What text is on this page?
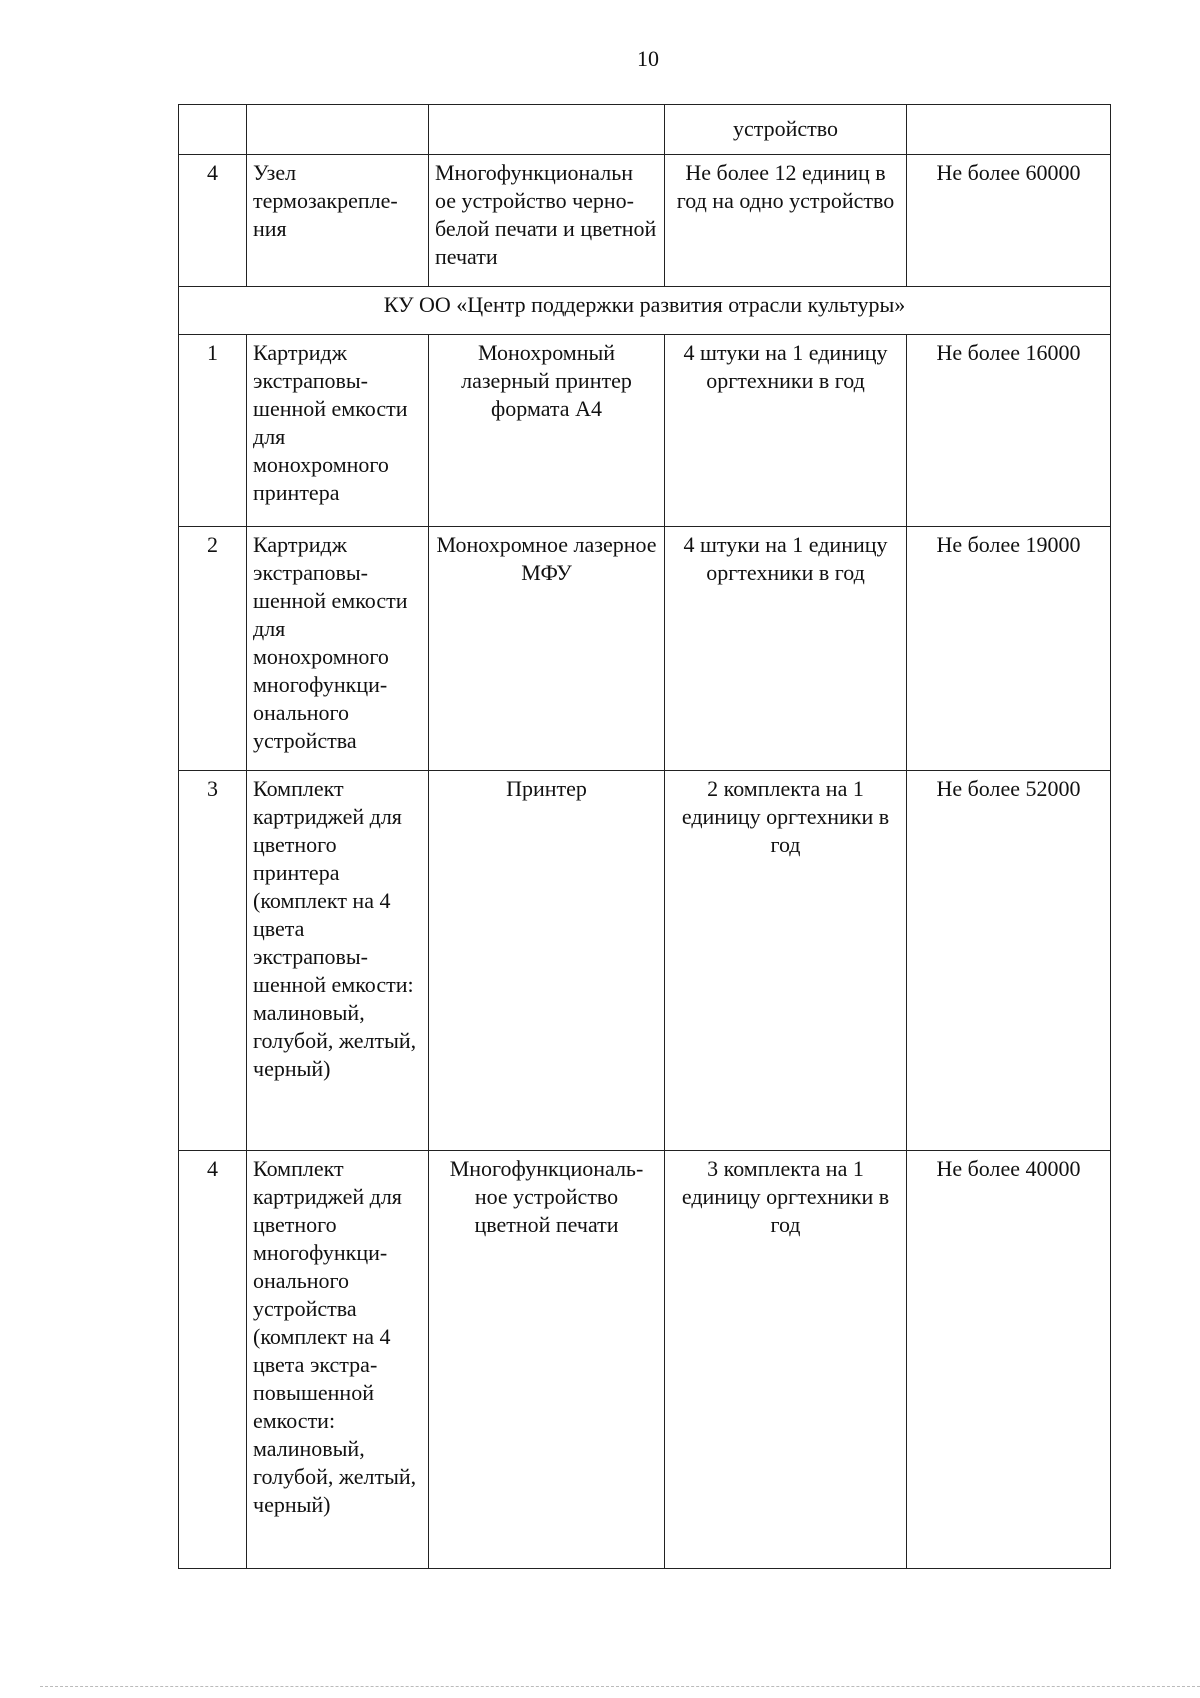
10
			устройство	
4	Узел термозакрепле-ния	Многофункциональн ое устройство черно-белой печати и цветной печати	Не более 12 единиц в год на одно устройство	Не более 60000
КУ ОО «Центр поддержки развития отрасли культуры»				
1	Картридж экстраповы-шенной емкости для монохромного принтера	Монохромный лазерный принтер формата А4	4 штуки на 1 единицу оргтехники в год	Не более 16000
2	Картридж экстраповы-шенной емкости для монохромного многофункци-онального устройства	Монохромное лазерное МФУ	4 штуки на 1 единицу оргтехники в год	Не более 19000
3	Комплект картриджей для цветного принтера (комплект на 4 цвета экстраповы-шенной емкости: малиновый, голубой, желтый, черный)	Принтер	2 комплекта на 1 единицу оргтехники в год	Не более 52000
4	Комплект картриджей для цветного многофункци-онального устройства (комплект на 4 цвета экстра-повышенной емкости: малиновый, голубой, желтый, черный)	Многофункциональ-ное устройство цветной печати	3 комплекта на 1 единицу оргтехники в год	Не более 40000
